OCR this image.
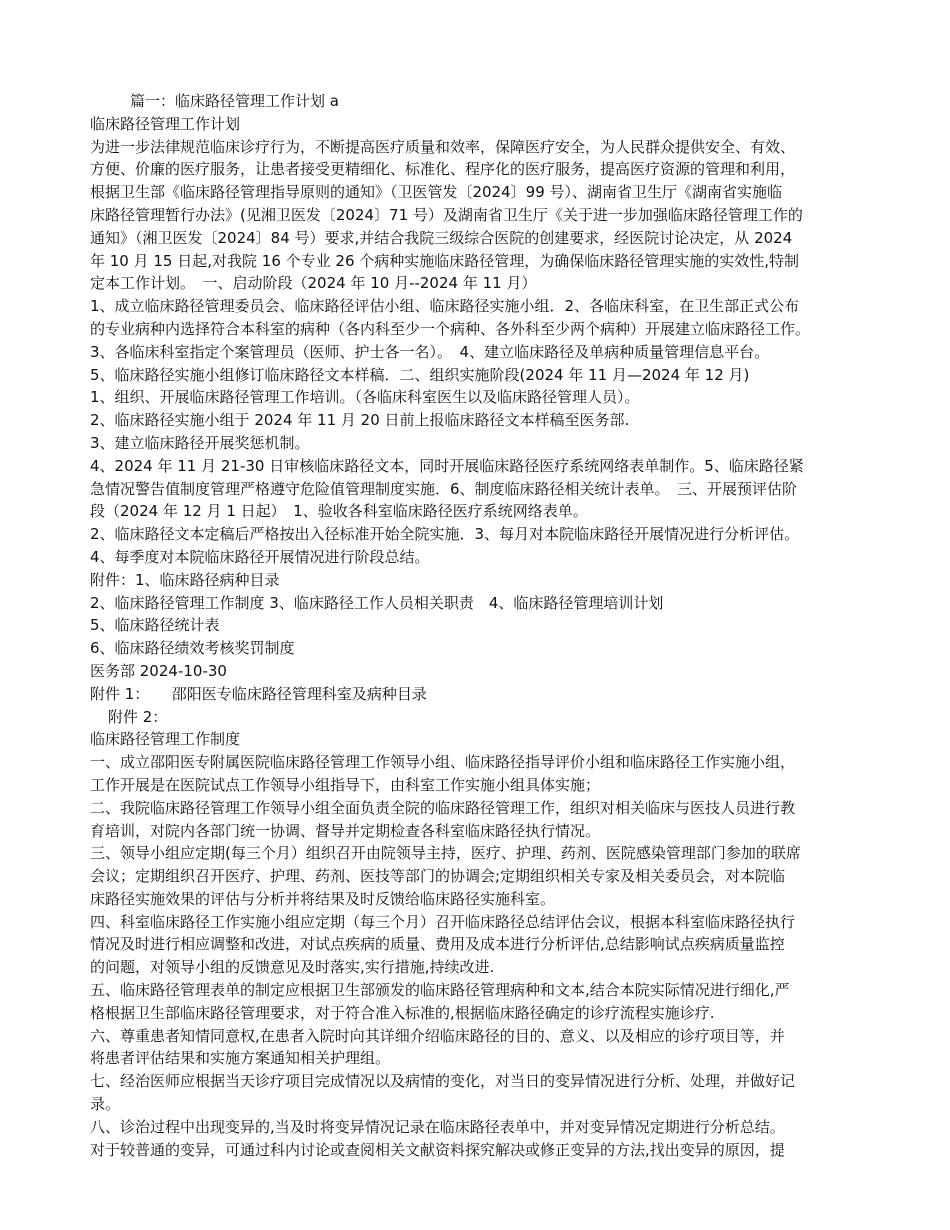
篇一：临床路径管理工作计划 a
临床路径管理工作计划
为进一步法律规范临床诊疗行为，不断提高医疗质量和效率，保障医疗安全，为人民群众提供安全、有效、
方便、价廉的医疗服务，让患者接受更精细化、标准化、程序化的医疗服务，提高医疗资源的管理和利用，
根据卫生部《临床路径管理指导原则的通知》（卫医管发〔2024〕99 号）、湖南省卫生厅《湖南省实施临
床路径管理暂行办法》(见湘卫医发〔2024〕71 号）及湖南省卫生厅《关于进一步加强临床路径管理工作的
通知》（湘卫医发〔2024〕84 号）要求,并结合我院三级综合医院的创建要求，经医院讨论决定，从 2024
年 10 月 15 日起,对我院 16 个专业 26 个病种实施临床路径管理，为确保临床路径管理实施的实效性,特制
定本工作计划。　一、启动阶段（2024 年 10 月--2024 年 11 月）
1、成立临床路径管理委员会、临床路径评估小组、临床路径实施小组．2、各临床科室，在卫生部正式公布
的专业病种内选择符合本科室的病种（各内科至少一个病种、各外科至少两个病种）开展建立临床路径工作。
3、各临床科室指定个案管理员（医师、护士各一名）。　4、建立临床路径及单病种质量管理信息平台。
5、临床路径实施小组修订临床路径文本样稿．二、组织实施阶段(2024 年 11 月—2024 年 12 月)
1、组织、开展临床路径管理工作培训。（各临床科室医生以及临床路径管理人员）。
2、临床路径实施小组于 2024 年 11 月 20 日前上报临床路径文本样稿至医务部.
3、建立临床路径开展奖惩机制。
4、2024 年 11 月 21-30 日审核临床路径文本，同时开展临床路径医疗系统网络表单制作。5、临床路径紧
急情况警告值制度管理严格遵守危险值管理制度实施．6、制度临床路径相关统计表单。　三、开展预评估阶
段（2024 年 12 月 1 日起）　1、验收各科室临床路径医疗系统网络表单。
2、临床路径文本定稿后严格按出入径标准开始全院实施．3、每月对本院临床路径开展情况进行分析评估。
4、每季度对本院临床路径开展情况进行阶段总结。
附件：1、临床路径病种目录
2、临床路径管理工作制度 3、临床路径工作人员相关职责　4、临床路径管理培训计划
5、临床路径统计表
6、临床路径绩效考核奖罚制度
医务部 2024-10-30
附件 1：　　邵阳医专临床路径管理科室及病种目录
附件 2：
临床路径管理工作制度
一、成立邵阳医专附属医院临床路径管理工作领导小组、临床路径指导评价小组和临床路径工作实施小组，
工作开展是在医院试点工作领导小组指导下，由科室工作实施小组具体实施；
二、我院临床路径管理工作领导小组全面负责全院的临床路径管理工作，组织对相关临床与医技人员进行教
育培训，对院内各部门统一协调、督导并定期检查各科室临床路径执行情况。
三、领导小组应定期(每三个月）组织召开由院领导主持，医疗、护理、药剂、医院感染管理部门参加的联席
会议；定期组织召开医疗、护理、药剂、医技等部门的协调会;定期组织相关专家及相关委员会，对本院临
床路径实施效果的评估与分析并将结果及时反馈给临床路径实施科室。
四、科室临床路径工作实施小组应定期（每三个月）召开临床路径总结评估会议，根据本科室临床路径执行
情况及时进行相应调整和改进，对试点疾病的质量、费用及成本进行分析评估,总结影响试点疾病质量监控
的问题，对领导小组的反馈意见及时落实,实行措施,持续改进.
五、临床路径管理表单的制定应根据卫生部颁发的临床路径管理病种和文本,结合本院实际情况进行细化,严
格根据卫生部临床路径管理要求，对于符合准入标准的,根据临床路径确定的诊疗流程实施诊疗.
六、尊重患者知情同意权,在患者入院时向其详细介绍临床路径的目的、意义、以及相应的诊疗项目等，并
将患者评估结果和实施方案通知相关护理组。
七、经治医师应根据当天诊疗项目完成情况以及病情的变化，对当日的变异情况进行分析、处理，并做好记
录。
八、诊治过程中出现变异的,当及时将变异情况记录在临床路径表单中，并对变异情况定期进行分析总结。
对于较普通的变异，可通过科内讨论或查阅相关文献资料探究解决或修正变异的方法,找出变异的原因，提
